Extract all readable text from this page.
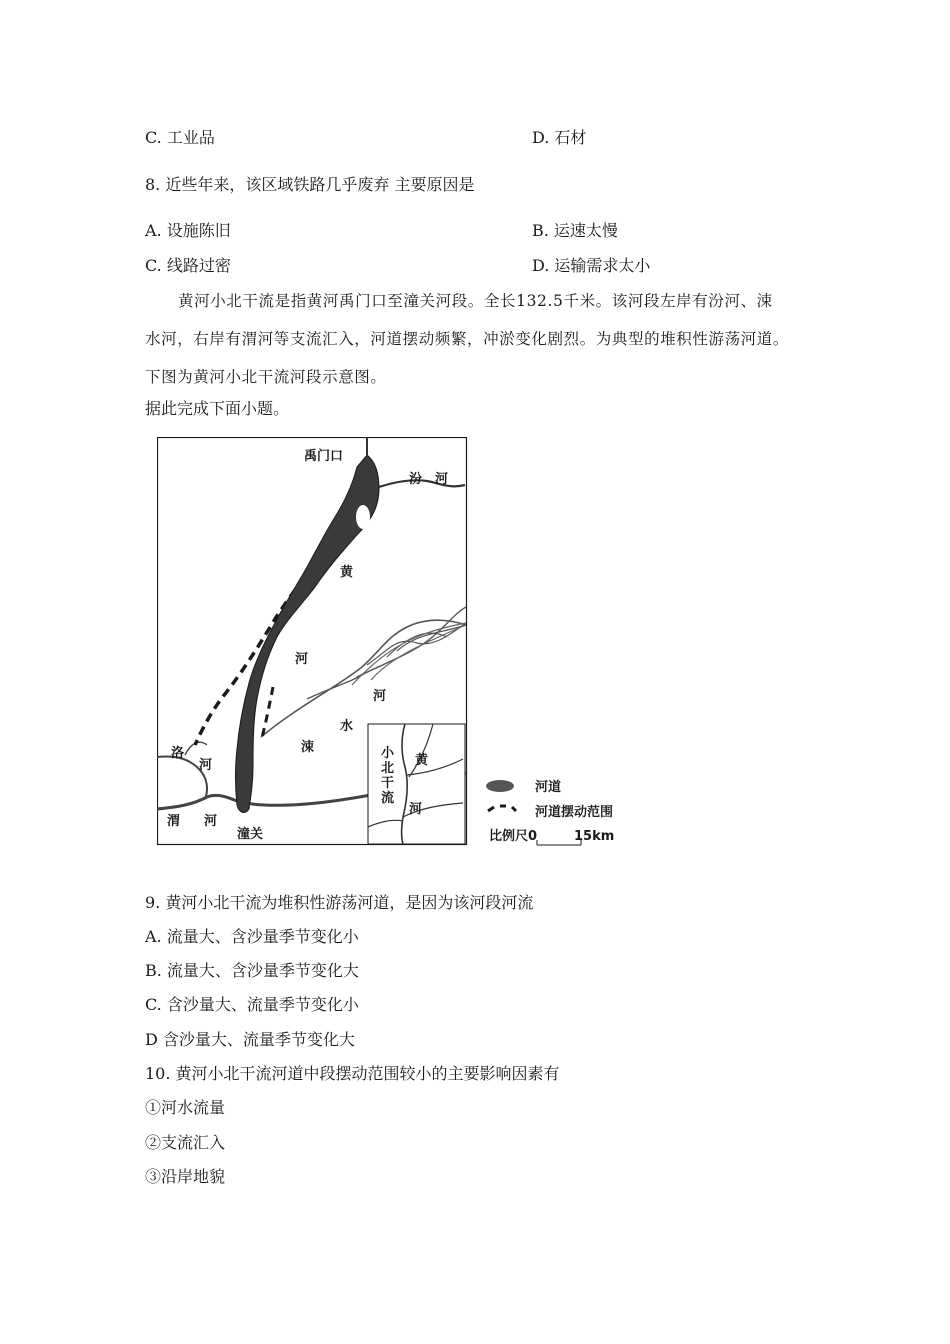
C. 工业品	D. 石材
8. 近些年来，该区域铁路几乎废弃 主要原因是
A. 设施陈旧	B. 运速太慢
C. 线路过密	D. 运输需求太小
黄河小北干流是指黄河禹门口至潼关河段。全长132.5千米。该河段左岸有汾河、涑
水河，右岸有渭河等支流汇入，河道摆动频繁，冲淤变化剧烈。为典型的堆积性游荡河道。
下图为黄河小北干流河段示意图。
据此完成下面小题。
禹门口
汾 河
黄
河
河
水
涑
洛
河
渭 河
潼关
黄
河
小
北
干
流
河道
河道摆动范围
比例尺0	15km
9. 黄河小北干流为堆积性游荡河道，是因为该河段河流
A. 流量大、含沙量季节变化小
B. 流量大、含沙量季节变化大
C. 含沙量大、流量季节变化小
D 含沙量大、流量季节变化大
10. 黄河小北干流河道中段摆动范围较小的主要影响因素有
①河水流量
②支流汇入
③沿岸地貌
